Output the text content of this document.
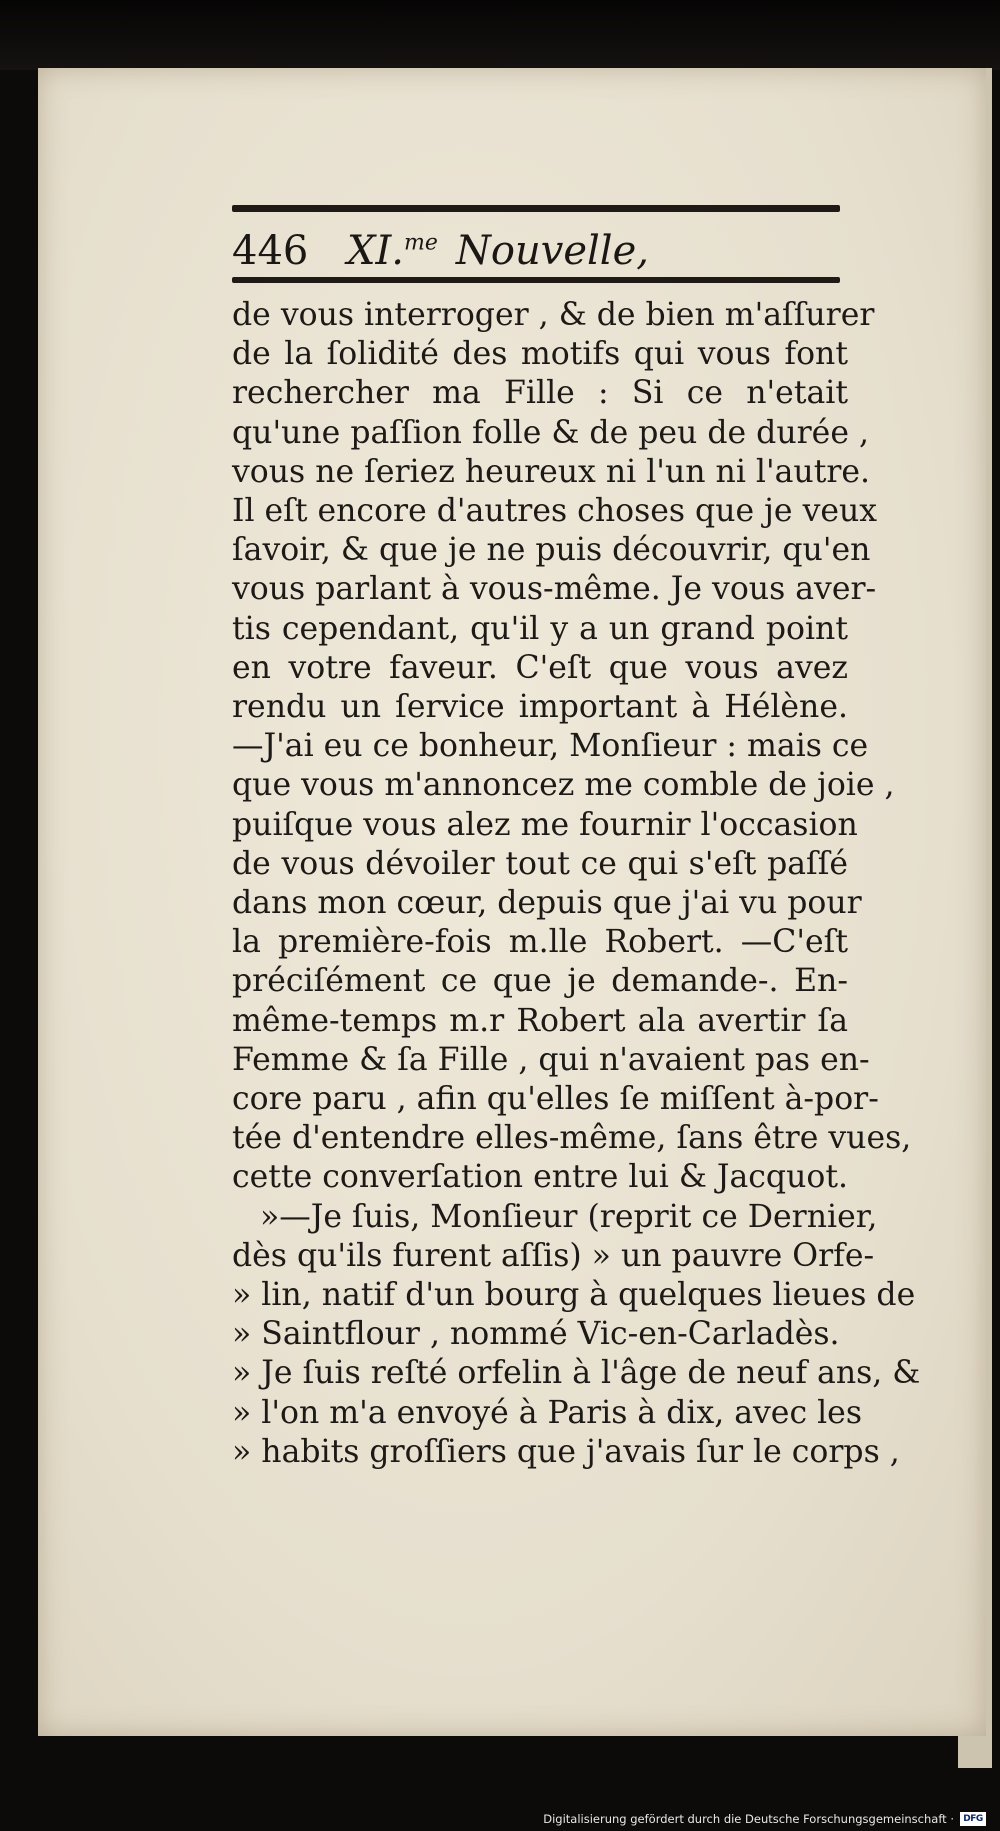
446 XI.$^{me}$ Nouvelle,
de vous interroger , & de bien m'aſſurer
de la ſolidité des motifs qui vous font
rechercher ma Fille : Si ce n'etait
qu'une paſſion folle & de peu de durée ,
vous ne ſeriez heureux ni l'un ni l'autre.
Il eſt encore d'autres choses que je veux
ſavoir, & que je ne puis découvrir, qu'en
vous parlant à vous-même. Je vous aver-
tis cependant, qu'il y a un grand point
en votre faveur. C'eſt que vous avez
rendu un ſervice important à Hélène.
—J'ai eu ce bonheur, Monſieur : mais ce
que vous m'annoncez me comble de joie ,
puiſque vous alez me fournir l'occasion
de vous dévoiler tout ce qui s'eſt paſſé
dans mon cœur, depuis que j'ai vu pour
la première-fois m.lle Robert. —C'eſt
préciſément ce que je demande-. En-
même-temps m.r Robert ala avertir ſa
Femme & ſa Fille , qui n'avaient pas en-
core paru , afin qu'elles ſe miſſent à-por-
tée d'entendre elles-même, ſans être vues,
cette converſation entre lui & Jacquot.
»—Je ſuis, Monſieur (reprit ce Dernier,
dès qu'ils furent aſſis) » un pauvre Orfe-
» lin, natif d'un bourg à quelques lieues de
» Saintflour , nommé Vic-en-Carladès.
» Je ſuis reſté orfelin à l'âge de neuf ans, &
» l'on m'a envoyé à Paris à dix, avec les
» habits groſſiers que j'avais ſur le corps ,
Digitalisierung gefördert durch die Deutsche Forschungsgemeinschaft ·	DFG
